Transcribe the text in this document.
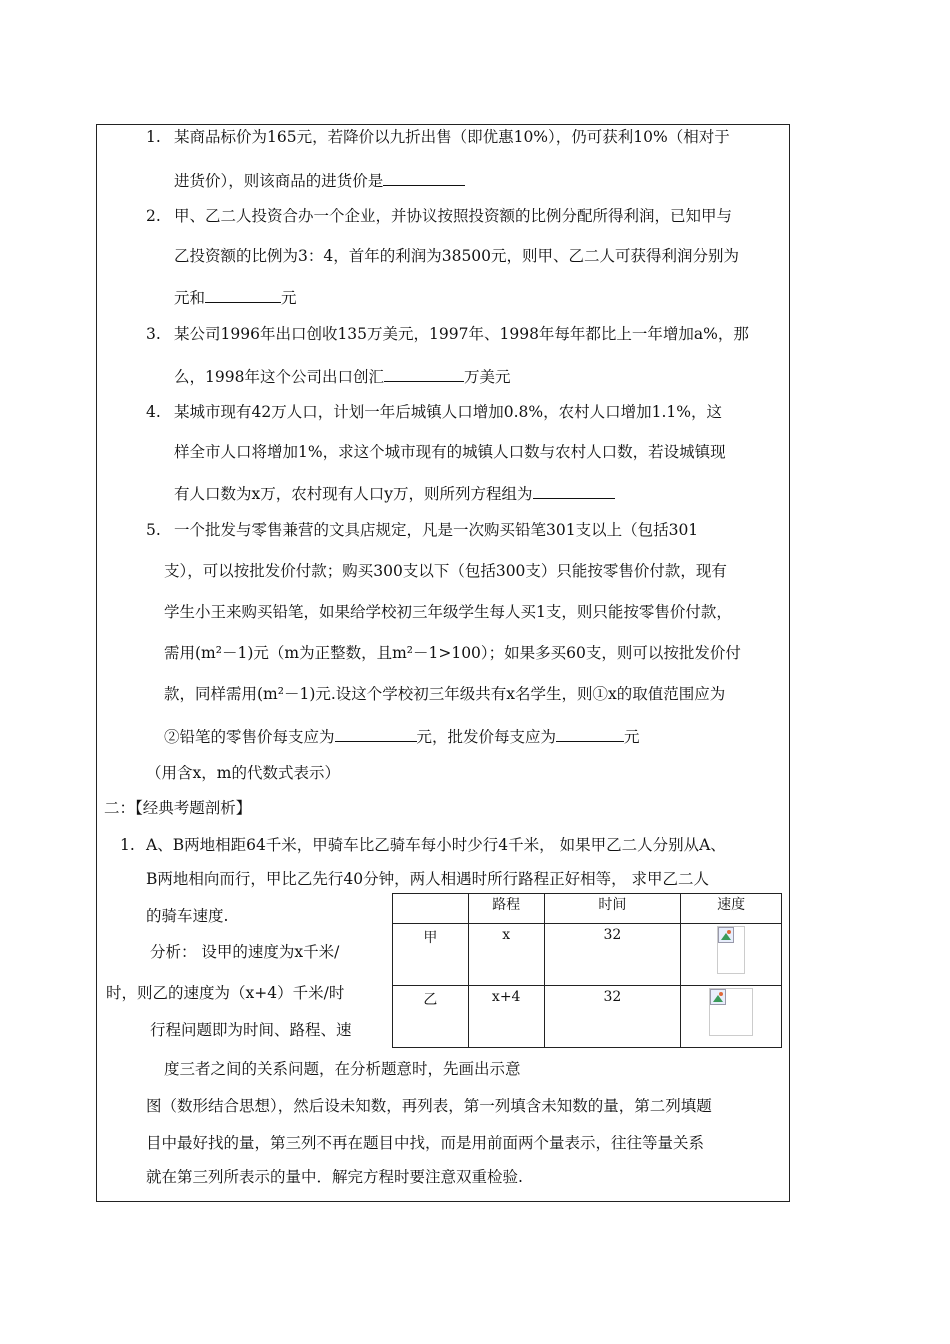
1. 某商品标价为165元，若降价以九折出售（即优惠10%），仍可获利10%（相对于
进货价），则该商品的进货价是
2. 甲、乙二人投资合办一个企业，并协议按照投资额的比例分配所得利润，已知甲与
乙投资额的比例为3：4，首年的利润为38500元，则甲、乙二人可获得利润分别为
元和	元
3. 某公司1996年出口创收135万美元，1997年、1998年每年都比上一年增加a%，那
么，1998年这个公司出口创汇	万美元
4. 某城市现有42万人口，计划一年后城镇人口增加0.8%，农村人口增加1.1%，这
样全市人口将增加1%，求这个城市现有的城镇人口数与农村人口数，若设城镇现
有人口数为x万，农村现有人口y万，则所列方程组为
5. 一个批发与零售兼营的文具店规定，凡是一次购买铅笔301支以上（包括301
支），可以按批发价付款；购买300支以下（包括300支）只能按零售价付款，现有
学生小王来购买铅笔，如果给学校初三年级学生每人买1支，则只能按零售价付款，
需用(m²－1)元（m为正整数，且m²－1>100）；如果多买60支，则可以按批发价付
款，同样需用(m²－1)元.设这个学校初三年级共有x名学生，则①x的取值范围应为
②铅笔的零售价每支应为	元，批发价每支应为	元
（用含x，m的代数式表示）
二：【经典考题剖析】
1. A、B两地相距64千米，甲骑车比乙骑车每小时少行4千米， 如果甲乙二人分别从A、
B两地相向而行，甲比乙先行40分钟，两人相遇时所行路程正好相等， 求甲乙二人
的骑车速度.
分析： 设甲的速度为x千米/
时，则乙的速度为（x+4）千米/时
行程问题即为时间、路程、速
度三者之间的关系问题，在分析题意时，先画出示意
图（数形结合思想），然后设未知数，再列表，第一列填含未知数的量，第二列填题
目中最好找的量，第三列不再在题目中找，而是用前面两个量表示，往往等量关系
就在第三列所表示的量中．解完方程时要注意双重检验.
	路程	时间	速度

甲	x	32	

乙	x+4	32	
